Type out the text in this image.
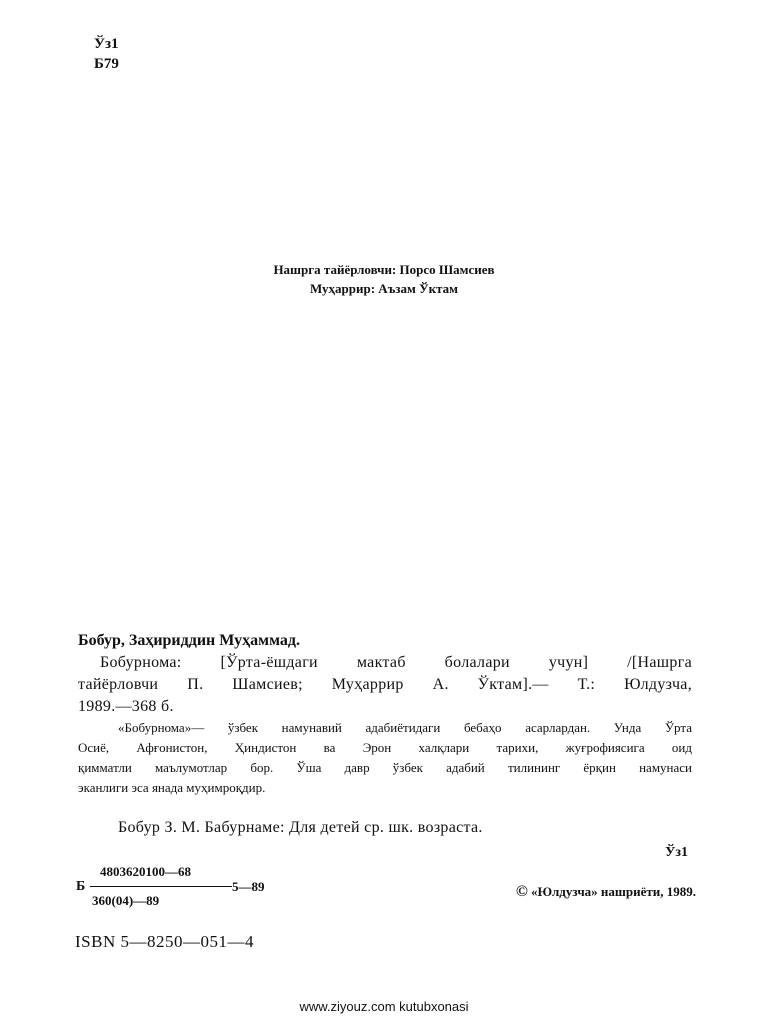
Ўз1
Б79
Нашрга тайёрловчи: Порсо Шамсиев
Муҳаррир: Аъзам Ўктам
Бобур, Заҳириддин Муҳаммад.
Бобурнома: [Ўрта-ёшдаги мактаб болалари учун] /[Нашрга
тайёрловчи П. Шамсиев; Муҳаррир А. Ўктам].— Т.: Юлдузча,
1989.—368 б.
«Бобурнома»— ўзбек намунавий адабиётидаги бебаҳо асарлардан. Унда Ўрта
Осиё, Афғонистон, Ҳиндистон ва Эрон халқлари тарихи, жуғрофиясига оид
қимматли маълумотлар бор. Ўша давр ўзбек адабий тилининг ёрқин намунаси
эканлиги эса янада муҳимроқдир.
Бобур З. М. Бабурнаме: Для детей ср. шк. возраста.
Ўз1
Б
4803620100—68
5—89
360(04)—89
© «Юлдузча» нашриёти, 1989.
ISBN 5—8250—051—4
www.ziyouz.com kutubxonasi
